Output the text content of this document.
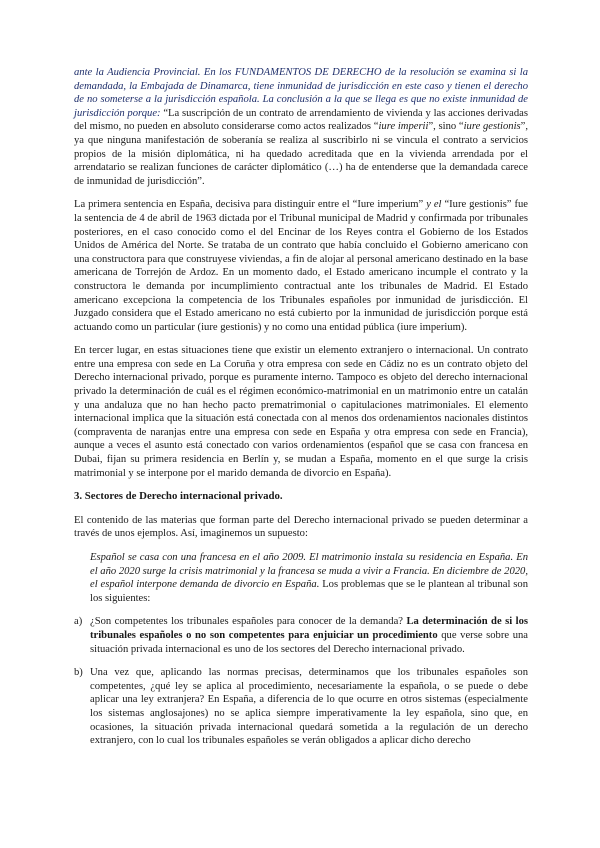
ante la Audiencia Provincial. En los FUNDAMENTOS DE DERECHO de la resolución se examina si la demandada, la Embajada de Dinamarca, tiene inmunidad de jurisdicción en este caso y tienen el derecho de no someterse a la jurisdicción española. La conclusión a la que se llega es que no existe inmunidad de jurisdicción porque: “La suscripción de un contrato de arrendamiento de vivienda y las acciones derivadas del mismo, no pueden en absoluto considerarse como actos realizados “iure imperii”, sino “iure gestionis”, ya que ninguna manifestación de soberanía se realiza al suscribirlo ni se vincula el contrato a servicios propios de la misión diplomática, ni ha quedado acreditada que en la vivienda arrendada por el arrendatario se realizan funciones de carácter diplomático (…) ha de entenderse que la demandada carece de inmunidad de jurisdicción”.

La primera sentencia en España, decisiva para distinguir entre el “Iure imperium” y el “Iure gestionis” fue la sentencia de 4 de abril de 1963 dictada por el Tribunal municipal de Madrid y confirmada por tribunales posteriores, en el caso conocido como el del Encinar de los Reyes contra el Gobierno de los Estados Unidos de América del Norte. Se trataba de un contrato que había concluido el Gobierno americano con una constructora para que construyese viviendas, a fin de alojar al personal americano destinado en la base americana de Torrejón de Ardoz. En un momento dado, el Estado americano incumple el contrato y la constructora le demanda por incumplimiento contractual ante los tribunales de Madrid. El Estado americano excepciona la competencia de los Tribunales españoles por inmunidad de jurisdicción. El Juzgado considera que el Estado americano no está cubierto por la inmunidad de jurisdicción porque está actuando como un particular (iure gestionis) y no como una entidad pública (iure imperium).

En tercer lugar, en estas situaciones tiene que existir un elemento extranjero o internacional. Un contrato entre una empresa con sede en La Coruña y otra empresa con sede en Cádiz no es un contrato objeto del Derecho internacional privado, porque es puramente interno. Tampoco es objeto del derecho internacional privado la determinación de cuál es el régimen económico-matrimonial en un matrimonio entre un catalán y una andaluza que no han hecho pacto prematrimonial o capitulaciones matrimoniales. El elemento internacional implica que la situación está conectada con al menos dos ordenamientos nacionales distintos (compraventa de naranjas entre una empresa con sede en España y otra empresa con sede en Francia), aunque a veces el asunto está conectado con varios ordenamientos (español que se casa con francesa en Dubai, fijan su primera residencia en Berlín y, se mudan a España, momento en el que surge la crisis matrimonial y se interpone por el marido demanda de divorcio en España).

3. Sectores de Derecho internacional privado.

El contenido de las materias que forman parte del Derecho internacional privado se pueden determinar a través de unos ejemplos. Así, imaginemos un supuesto:

Español se casa con una francesa en el año 2009. El matrimonio instala su residencia en España. En el año 2020 surge la crisis matrimonial y la francesa se muda a vivir a Francia. En diciembre de 2020, el español interpone demanda de divorcio en España. Los problemas que se le plantean al tribunal son los siguientes:

a) ¿Son competentes los tribunales españoles para conocer de la demanda? La determinación de si los tribunales españoles o no son competentes para enjuiciar un procedimiento que verse sobre una situación privada internacional es uno de los sectores del Derecho internacional privado.

b) Una vez que, aplicando las normas precisas, determinamos que los tribunales españoles son competentes, ¿qué ley se aplica al procedimiento, necesariamente la española, o se puede o debe aplicar una ley extranjera? En España, a diferencia de lo que ocurre en otros sistemas (especialmente los sistemas anglosajones) no se aplica siempre imperativamente la ley española, sino que, en ocasiones, la situación privada internacional quedará sometida a la regulación de un derecho extranjero, con lo cual los tribunales españoles se verán obligados a aplicar dicho derecho
